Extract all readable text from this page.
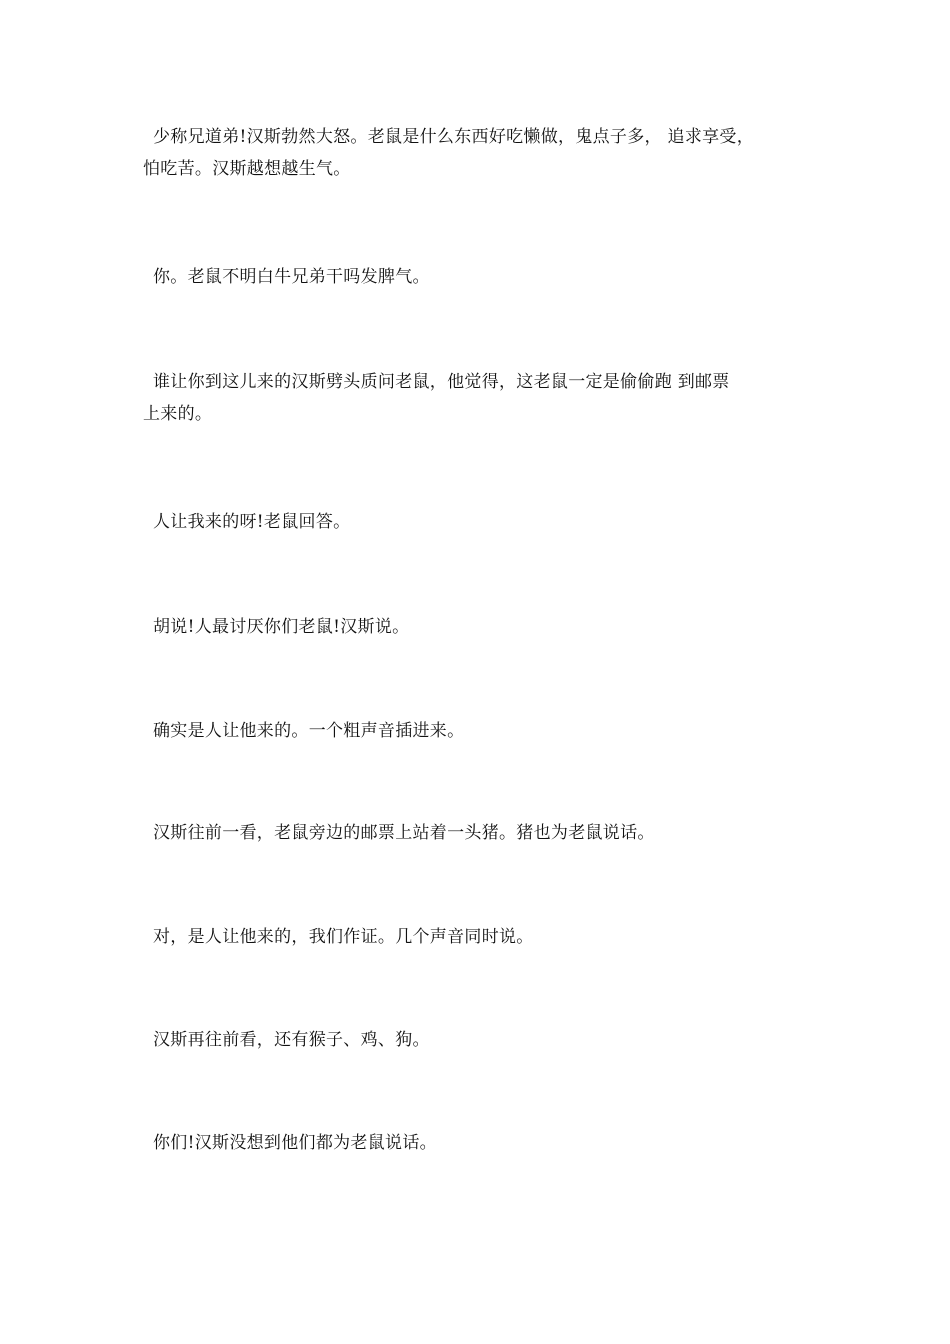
少称兄道弟!汉斯勃然大怒。老鼠是什么东西好吃懒做，鬼点子多， 追求享受，
怕吃苦。汉斯越想越生气。

你。老鼠不明白牛兄弟干吗发脾气。

谁让你到这儿来的汉斯劈头质问老鼠，他觉得，这老鼠一定是偷偷跑 到邮票
上来的。

人让我来的呀!老鼠回答。

胡说!人最讨厌你们老鼠!汉斯说。

确实是人让他来的。一个粗声音插进来。

汉斯往前一看，老鼠旁边的邮票上站着一头猪。猪也为老鼠说话。

对，是人让他来的，我们作证。几个声音同时说。

汉斯再往前看，还有猴子、鸡、狗。

你们!汉斯没想到他们都为老鼠说话。
